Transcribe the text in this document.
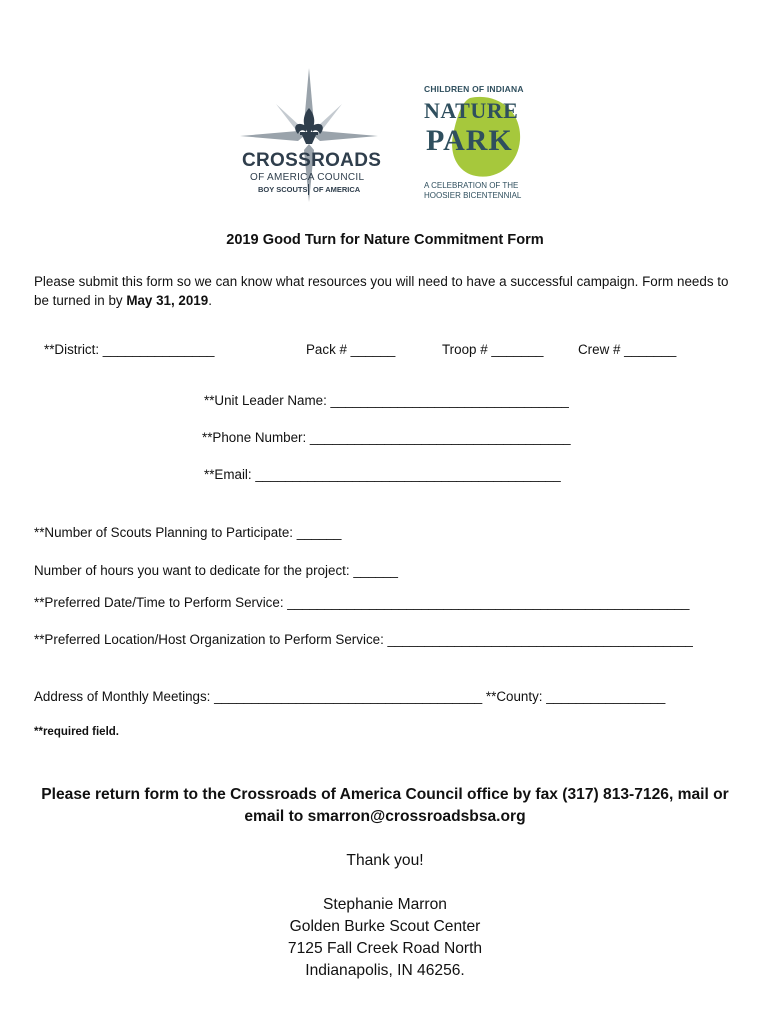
CROSSROADS
OF AMERICA COUNCIL
BOY SCOUTS OF AMERICA
CHILDREN OF INDIANA
NATURE
PARK
A CELEBRATION OF THE
HOOSIER BICENTENNIAL
2019 Good Turn for Nature Commitment Form
Please submit this form so we can know what resources you will need to have a successful campaign. Form needs to be turned in by May 31, 2019.
**District: _______________	Pack # ______	Troop # _______	Crew # _______
**Unit Leader Name: ________________________________
**Phone Number: ___________________________________
**Email: _________________________________________
**Number of Scouts Planning to Participate: ______
Number of hours you want to dedicate for the project: ______
**Preferred Date/Time to Perform Service: ______________________________________________________
**Preferred Location/Host Organization to Perform Service: _________________________________________
Address of Monthly Meetings: ____________________________________ **County: ________________
**required field.
Please return form to the Crossroads of America Council office by fax (317) 813-7126, mail or email to smarron@crossroadsbsa.org
Thank you!
Stephanie Marron
Golden Burke Scout Center
7125 Fall Creek Road North
Indianapolis, IN 46256.
